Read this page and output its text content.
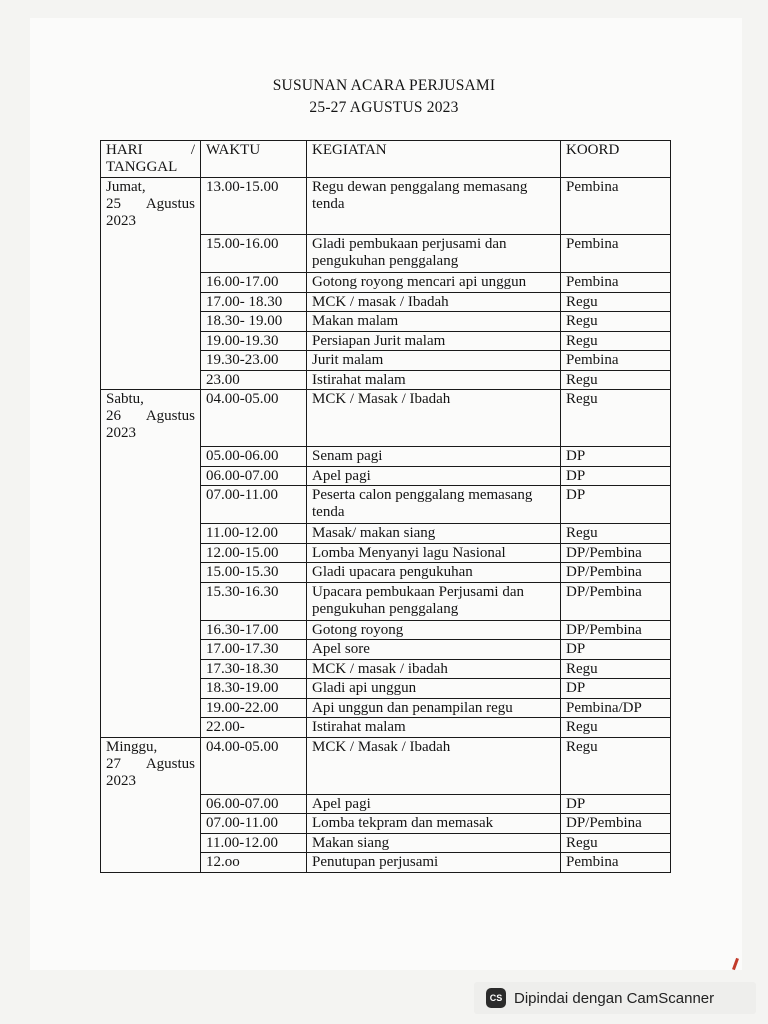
SUSUNAN ACARA PERJUSAMI
25-27 AGUSTUS 2023
HARI / TANGGAL	WAKTU	KEGIATAN	KOORD

Jumat,
25 Agustus
2023	13.00-15.00	Regu dewan penggalang memasang tenda	Pembina
	15.00-16.00	Gladi pembukaan perjusami dan pengukuhan penggalang	Pembina
	16.00-17.00	Gotong royong mencari api unggun	Pembina
	17.00- 18.30	MCK / masak / Ibadah	Regu
	18.30- 19.00	Makan malam	Regu
	19.00-19.30	Persiapan Jurit malam	Regu
	19.30-23.00	Jurit malam	Pembina
	23.00	Istirahat malam	Regu

Sabtu,
26 Agustus
2023	04.00-05.00	MCK / Masak / Ibadah	Regu
	05.00-06.00	Senam pagi	DP
	06.00-07.00	Apel pagi	DP
	07.00-11.00	Peserta calon penggalang memasang tenda	DP
	11.00-12.00	Masak/ makan siang	Regu
	12.00-15.00	Lomba Menyanyi lagu Nasional	DP/Pembina
	15.00-15.30	Gladi upacara pengukuhan	DP/Pembina
	15.30-16.30	Upacara pembukaan Perjusami dan pengukuhan penggalang	DP/Pembina
	16.30-17.00	Gotong royong	DP/Pembina
	17.00-17.30	Apel sore	DP
	17.30-18.30	MCK / masak / ibadah	Regu
	18.30-19.00	Gladi api unggun	DP
	19.00-22.00	Api unggun dan penampilan regu	Pembina/DP
	22.00-	Istirahat malam	Regu

Minggu,
27 Agustus
2023	04.00-05.00	MCK / Masak / Ibadah	Regu
	06.00-07.00	Apel pagi	DP
	07.00-11.00	Lomba tekpram dan memasak	DP/Pembina
	11.00-12.00	Makan siang	Regu
	12.oo	Penutupan perjusami	Pembina
CS Dipindai dengan CamScanner
